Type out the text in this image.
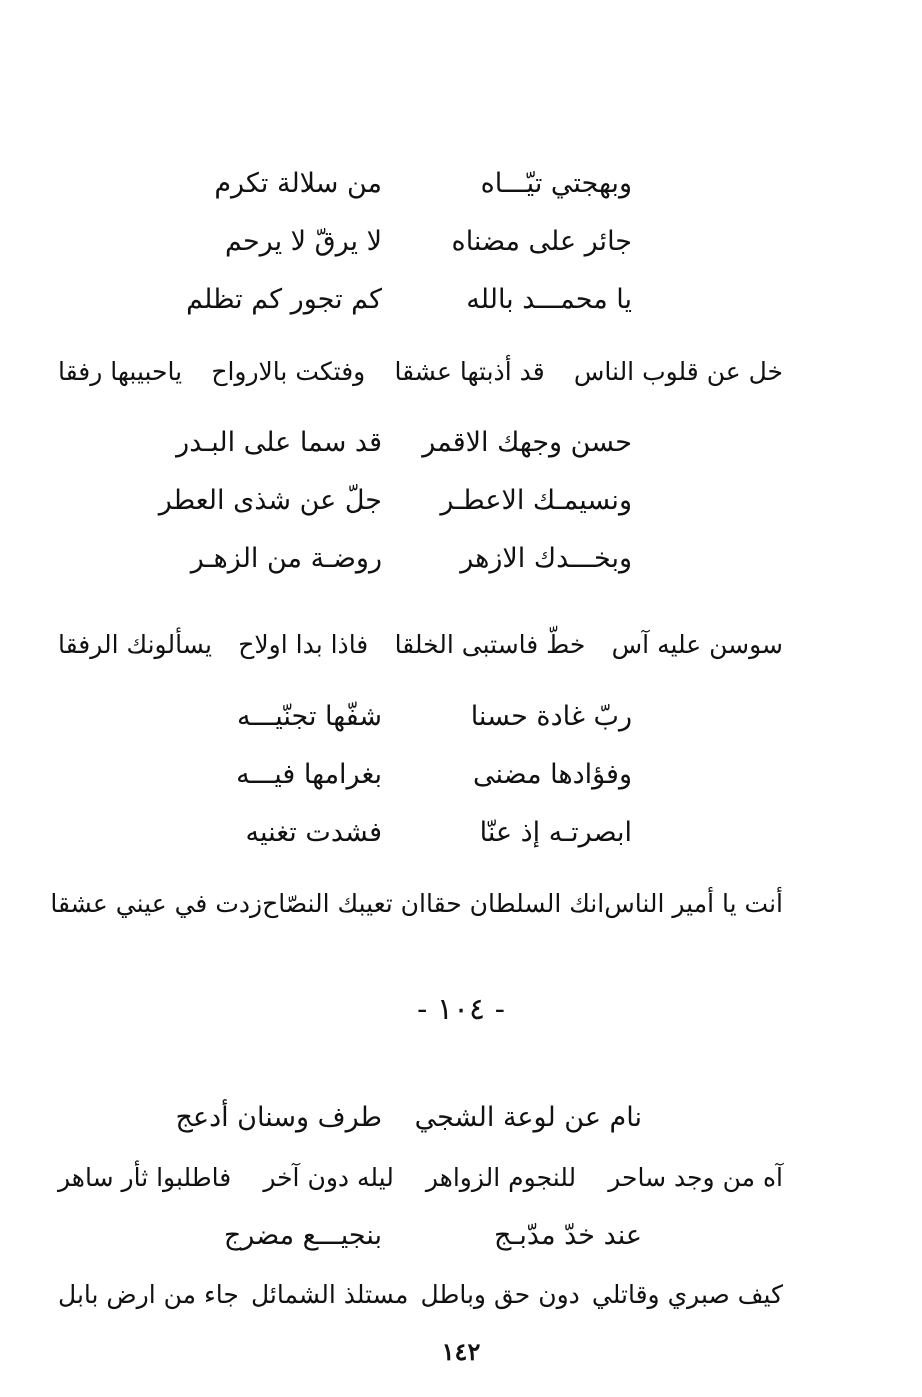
وبهجتي تيّـــاه
من سلالة تكرم
جائر على مضناه
لا يرقّ لا يرحم
يا محمـــد بالله
كم تجور كم تظلم
خل عن قلوب الناس
قد أذبتها عشقا
وفتكت بالارواح
ياحبيبها رفقا
حسن وجهك الاقمر
قد سما على البـدر
ونسيمـك الاعطـر
جلّ عن شذى العطر
وبخـــدك الازهر
روضـة من الزهـر
سوسن عليه آس
خطّ فاستبى الخلقا
فاذا بدا اولاح
يسألونك الرفقا
ربّ غادة حسنا
شفّها تجنّيـــه
وفؤادها مضنى
بغرامها فيـــه
ابصرتـه إذ عنّا
فشدت تغنيه
أنت يا أمير الناس
انك السلطان حقا
ان تعيبك النصّاح
زدت في عيني عشقا
- ١٠٤ -
نام عن لوعة الشجي
طرف وسنان أدعج
آه من وجد ساحر
للنجوم الزواهر
ليله دون آخر
فاطلبوا ثأر ساهر
عند خدّ مدّبـج
بنجيـــع مضرج
كيف صبري وقاتلي
دون حق وباطل
مستلذ الشمائل
جاء من ارض بابل
١٤٢
